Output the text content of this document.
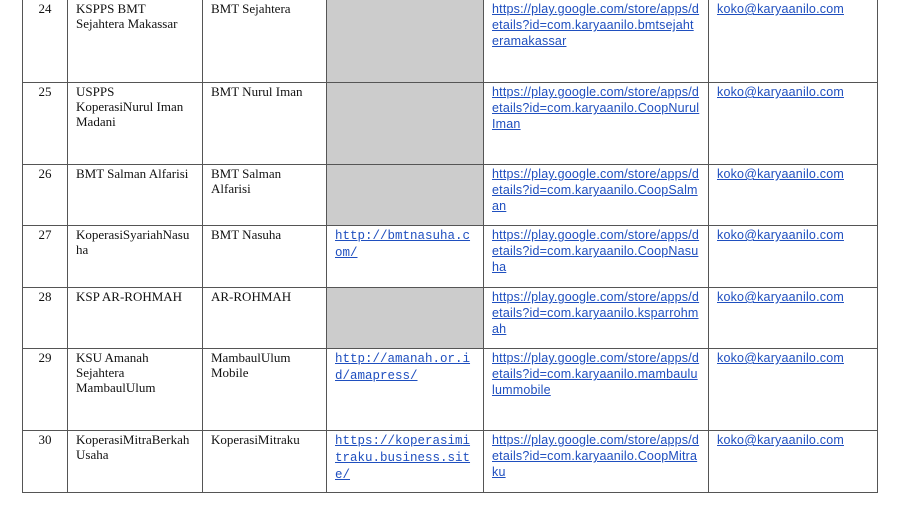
24	KSPPS BMT Sejahtera Makassar	BMT Sejahtera		https://play.google.com/store/apps/details?id=com.karyaanilo.bmtsejahteramakassar	koko@karyaanilo.com
25	USPPS KoperasiNurul Iman Madani	BMT Nurul Iman		https://play.google.com/store/apps/details?id=com.karyaanilo.CoopNurulIman	koko@karyaanilo.com
26	BMT Salman Alfarisi	BMT Salman Alfarisi		https://play.google.com/store/apps/details?id=com.karyaanilo.CoopSalman	koko@karyaanilo.com
27	KoperasiSyariahNasuha	BMT Nasuha	http://bmtnasuha.com/	https://play.google.com/store/apps/details?id=com.karyaanilo.CoopNasuha	koko@karyaanilo.com
28	KSP AR-ROHMAH	AR-ROHMAH		https://play.google.com/store/apps/details?id=com.karyaanilo.ksparrohmah	koko@karyaanilo.com
29	KSU Amanah Sejahtera MambaulUlum	MambaulUlum Mobile	http://amanah.or.id/amapress/	https://play.google.com/store/apps/details?id=com.karyaanilo.mambaululummobile	koko@karyaanilo.com
30	KoperasiMitraBerkah Usaha	KoperasiMitraku	https://koperasimitraku.business.site/	https://play.google.com/store/apps/details?id=com.karyaanilo.CoopMitraku	koko@karyaanilo.com
